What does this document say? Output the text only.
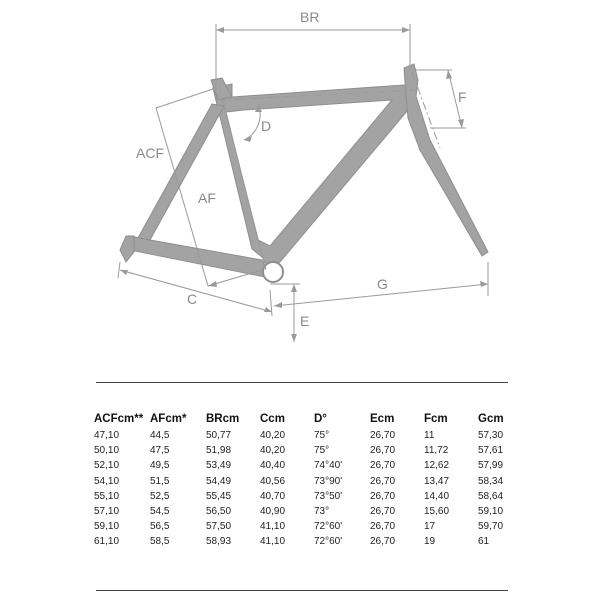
BR
F
D
ACF
AF
C
G
E
ACFcm**	AFcm*	BRcm	Ccm	D°	Ecm	Fcm	Gcm
47,10	44,5	50,77	40,20	75°	26,70	11	57,30
50,10	47,5	51,98	40,20	75°	26,70	11,72	57,61
52,10	49,5	53,49	40,40	74°40'	26,70	12,62	57,99
54,10	51,5	54,49	40,56	73°90'	26,70	13,47	58,34
55,10	52,5	55,45	40,70	73°50'	26,70	14,40	58,64
57,10	54,5	56,50	40,90	73°	26,70	15,60	59,10
59,10	56,5	57,50	41,10	72°60'	26,70	17	59,70
61,10	58,5	58,93	41,10	72°60'	26,70	19	61
